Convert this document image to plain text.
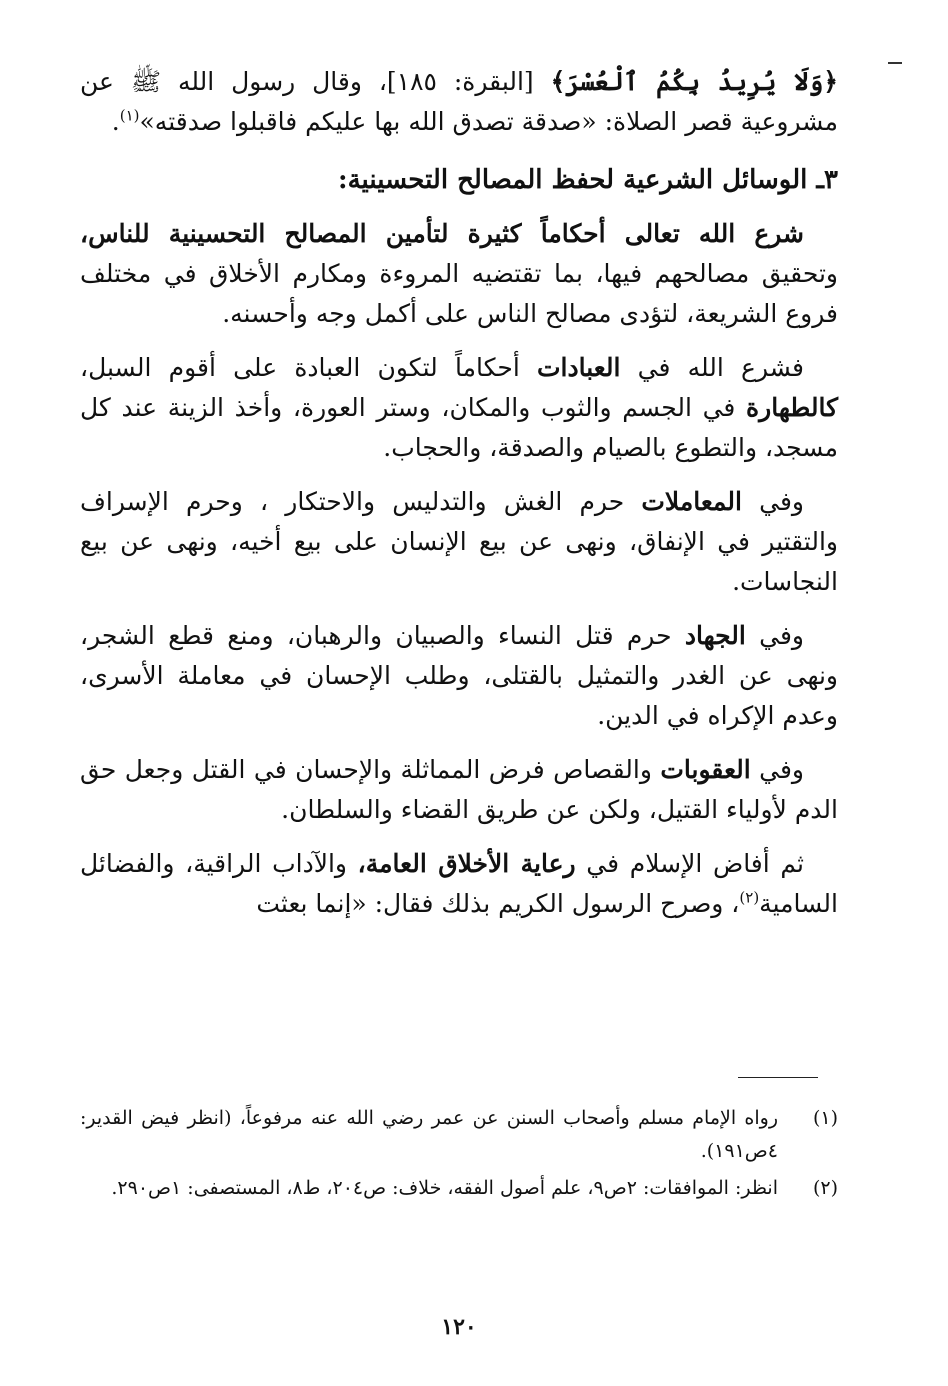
﴿وَلَا يُرِيدُ بِكُمُ ٱلْعُسْرَ﴾ [البقرة: ١٨٥]، وقال رسول الله ﷺ عن مشروعية قصر الصلاة: «صدقة تصدق الله بها عليكم فاقبلوا صدقته»$^{(١)}$.

٣ـ الوسائل الشرعية لحفظ المصالح التحسينية:

شرع الله تعالى أحكاماً كثيرة لتأمين المصالح التحسينية للناس، وتحقيق مصالحهم فيها، بما تقتضيه المروءة ومكارم الأخلاق في مختلف فروع الشريعة، لتؤدى مصالح الناس على أكمل وجه وأحسنه.

فشرع الله في العبادات أحكاماً لتكون العبادة على أقوم السبل، كالطهارة في الجسم والثوب والمكان، وستر العورة، وأخذ الزينة عند كل مسجد، والتطوع بالصيام والصدقة، والحجاب.

وفي المعاملات حرم الغش والتدليس والاحتكار ، وحرم الإسراف والتقتير في الإنفاق، ونهى عن بيع الإنسان على بيع أخيه، ونهى عن بيع النجاسات.

وفي الجهاد حرم قتل النساء والصبيان والرهبان، ومنع قطع الشجر، ونهى عن الغدر والتمثيل بالقتلى، وطلب الإحسان في معاملة الأسرى، وعدم الإكراه في الدين.

وفي العقوبات والقصاص فرض المماثلة والإحسان في القتل وجعل حق الدم لأولياء القتيل، ولكن عن طريق القضاء والسلطان.

ثم أفاض الإسلام في رعاية الأخلاق العامة، والآداب الراقية، والفضائل السامية$^{(٢)}$، وصرح الرسول الكريم بذلك فقال: «إنما بعثت

(١)
رواه الإمام مسلم وأصحاب السنن عن عمر رضي الله عنه مرفوعاً، (انظر فيض القدير: ٤ص١٩١).

(٢)
انظر: الموافقات: ٢ص٩، علم أصول الفقه، خلاف: ص٢٠٤، ط٨، المستصفى: ١ص٢٩٠.

١٢٠
